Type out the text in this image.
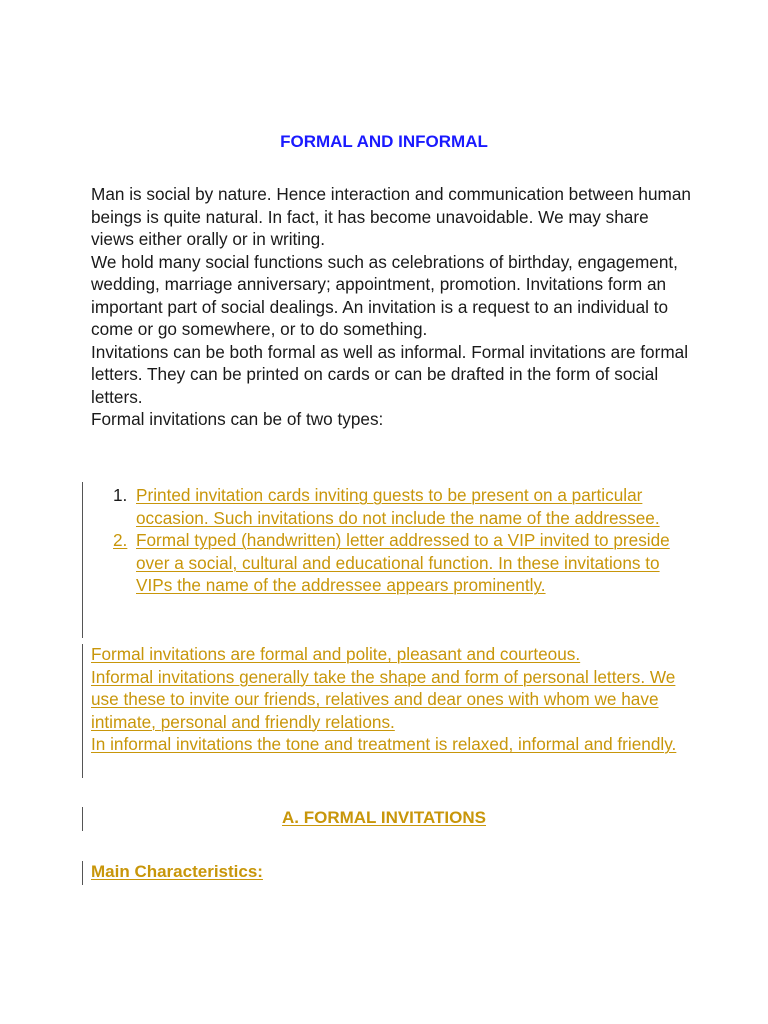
FORMAL AND INFORMAL

Man is social by nature. Hence interaction and communication between human beings is quite natural. In fact, it has become unavoidable. We may share views either orally or in writing.

We hold many social functions such as celebrations of birthday, engagement, wedding, marriage anniversary; appointment, promotion. Invitations form an important part of social dealings. An invitation is a request to an individual to come or go somewhere, or to do something.

Invitations can be both formal as well as informal. Formal invitations are formal letters. They can be printed on cards or can be drafted in the form of social letters.

Formal invitations can be of two types:

1. Printed invitation cards inviting guests to be present on a particular occasion. Such invitations do not include the name of the addressee.
2. Formal typed (handwritten) letter addressed to a VIP invited to preside over a social, cultural and educational function. In these invitations to VIPs the name of the addressee appears prominently.

Formal invitations are formal and polite, pleasant and courteous.

Informal invitations generally take the shape and form of personal letters. We use these to invite our friends, relatives and dear ones with whom we have intimate, personal and friendly relations.

In informal invitations the tone and treatment is relaxed, informal and friendly.

A. FORMAL INVITATIONS
Main Characteristics:
